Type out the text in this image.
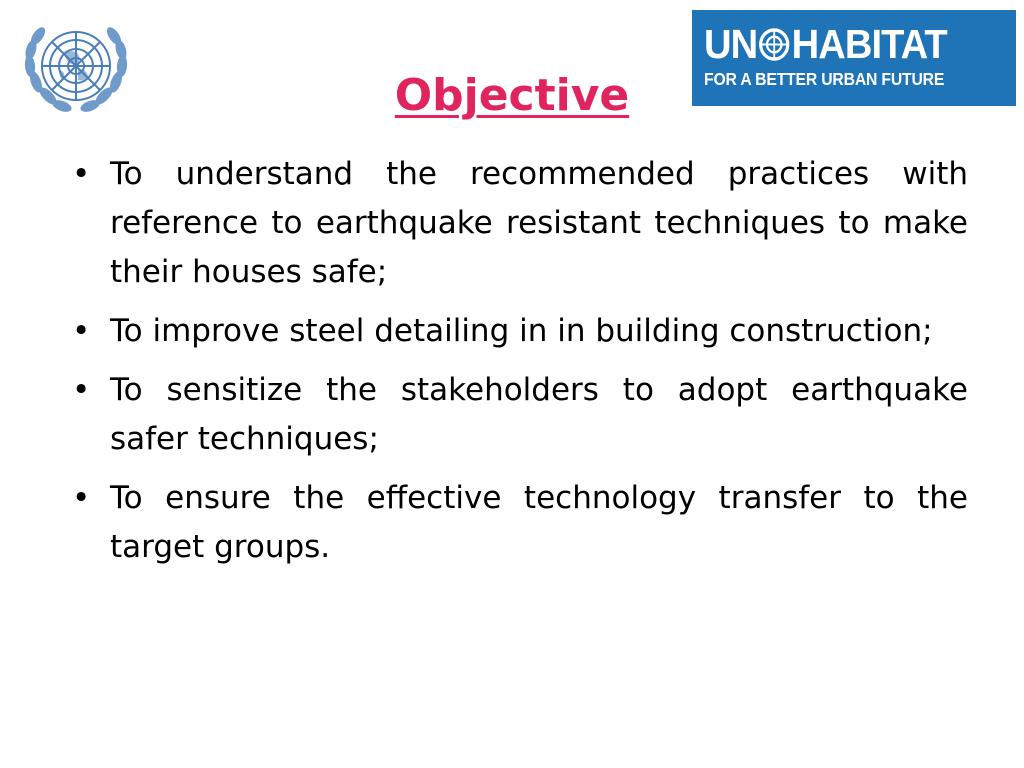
UN HABITAT
FOR A BETTER URBAN FUTURE
Objective
• To understand the recommended practices with reference to earthquake resistant techniques to make their houses safe;
• To improve steel detailing in in building construction;
• To sensitize the stakeholders to adopt earthquake safer techniques;
• To ensure the effective technology transfer to the target groups.
